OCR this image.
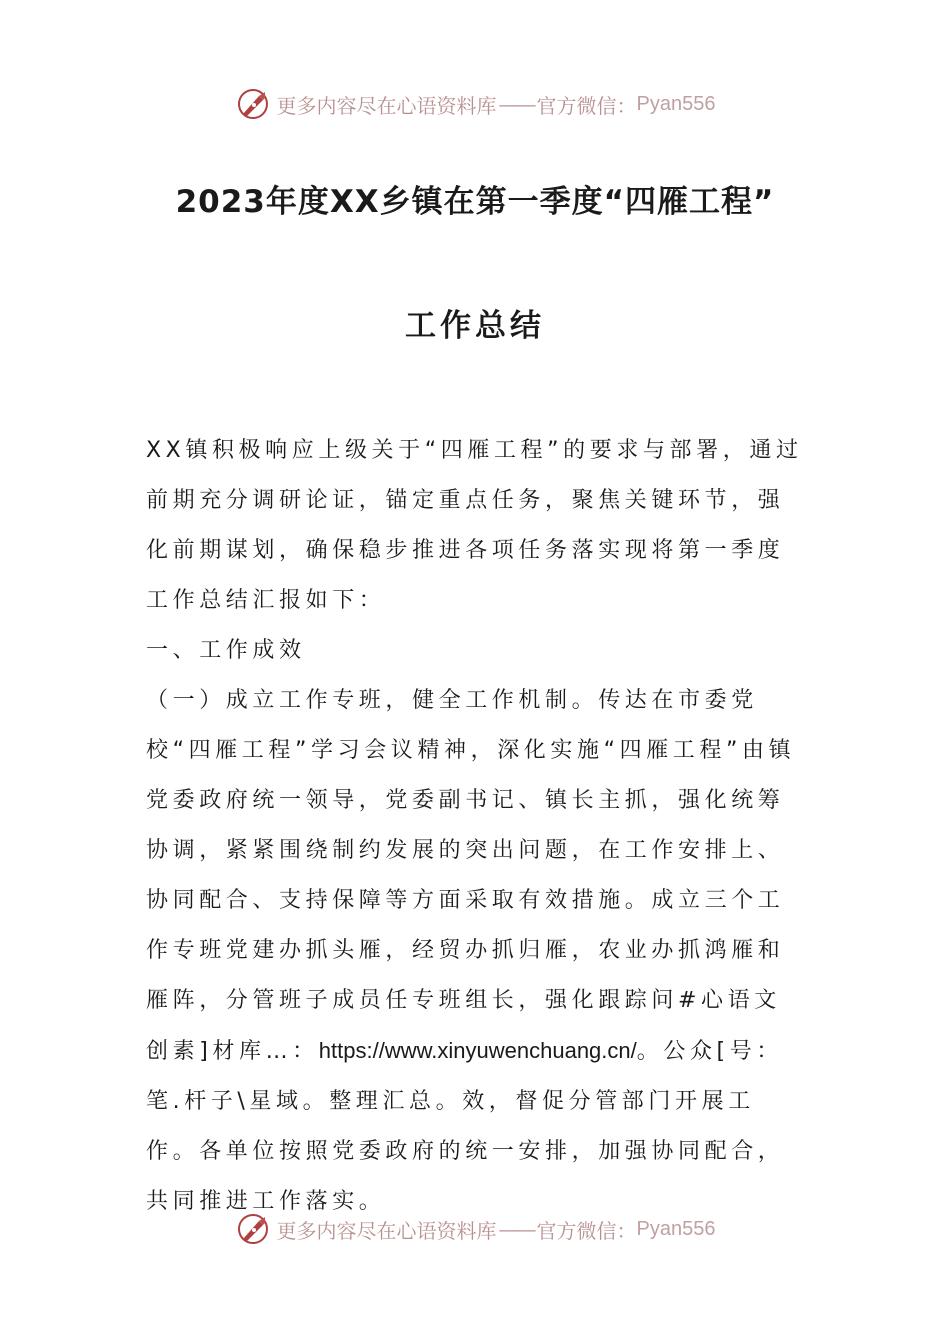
更多内容尽在心语资料库 —— 官方微信： Pyan556
2023年度XX乡镇在第一季度“四雁工程”
工作总结

XX镇积极响应上级关于“四雁工程”的要求与部署，通过前期充分调研论证，锚定重点任务，聚焦关键环节，强化前期谋划，确保稳步推进各项任务落实现将第一季度工作总结汇报如下：

一、工作成效

（一）成立工作专班，健全工作机制。传达在市委党校“四雁工程”学习会议精神，深化实施“四雁工程”由镇党委政府统一领导，党委副书记、镇长主抓，强化统筹协调，紧紧围绕制约发展的突出问题，在工作安排上、协同配合、支持保障等方面采取有效措施。成立三个工作专班党建办抓头雁，经贸办抓归雁，农业办抓鸿雁和雁阵，分管班子成员任专班组长，强化跟踪问#心语文创素]材库…：https://www.xinyuwenchuang.cn/。公众[号：笔.杆子\星域。整理汇总。效，督促分管部门开展工作。各单位按照党委政府的统一安排，加强协同配合，共同推进工作落实。

更多内容尽在心语资料库 —— 官方微信： Pyan556
